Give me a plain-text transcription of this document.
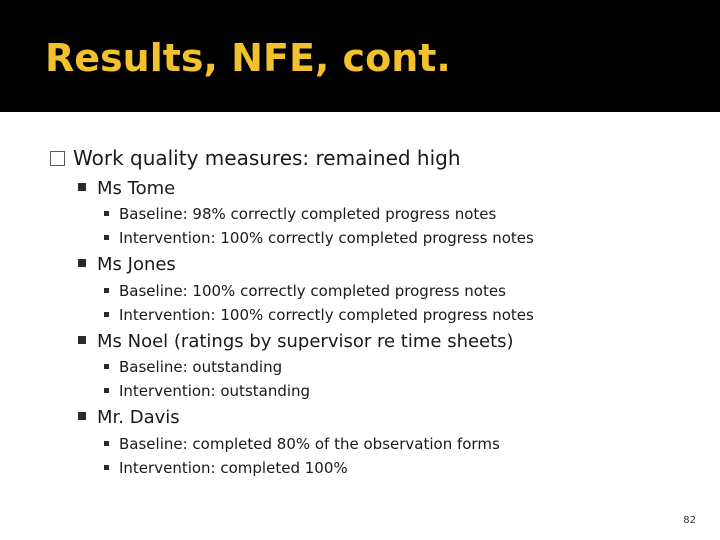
Results, NFE, cont.
Work quality measures: remained high
Ms Tome
Baseline: 98% correctly completed progress notes
Intervention: 100% correctly completed progress notes
Ms Jones
Baseline: 100% correctly completed progress notes
Intervention: 100% correctly completed progress notes
Ms Noel (ratings by supervisor re time sheets)
Baseline: outstanding
Intervention: outstanding
Mr. Davis
Baseline: completed 80% of the observation forms
Intervention: completed 100%
82
